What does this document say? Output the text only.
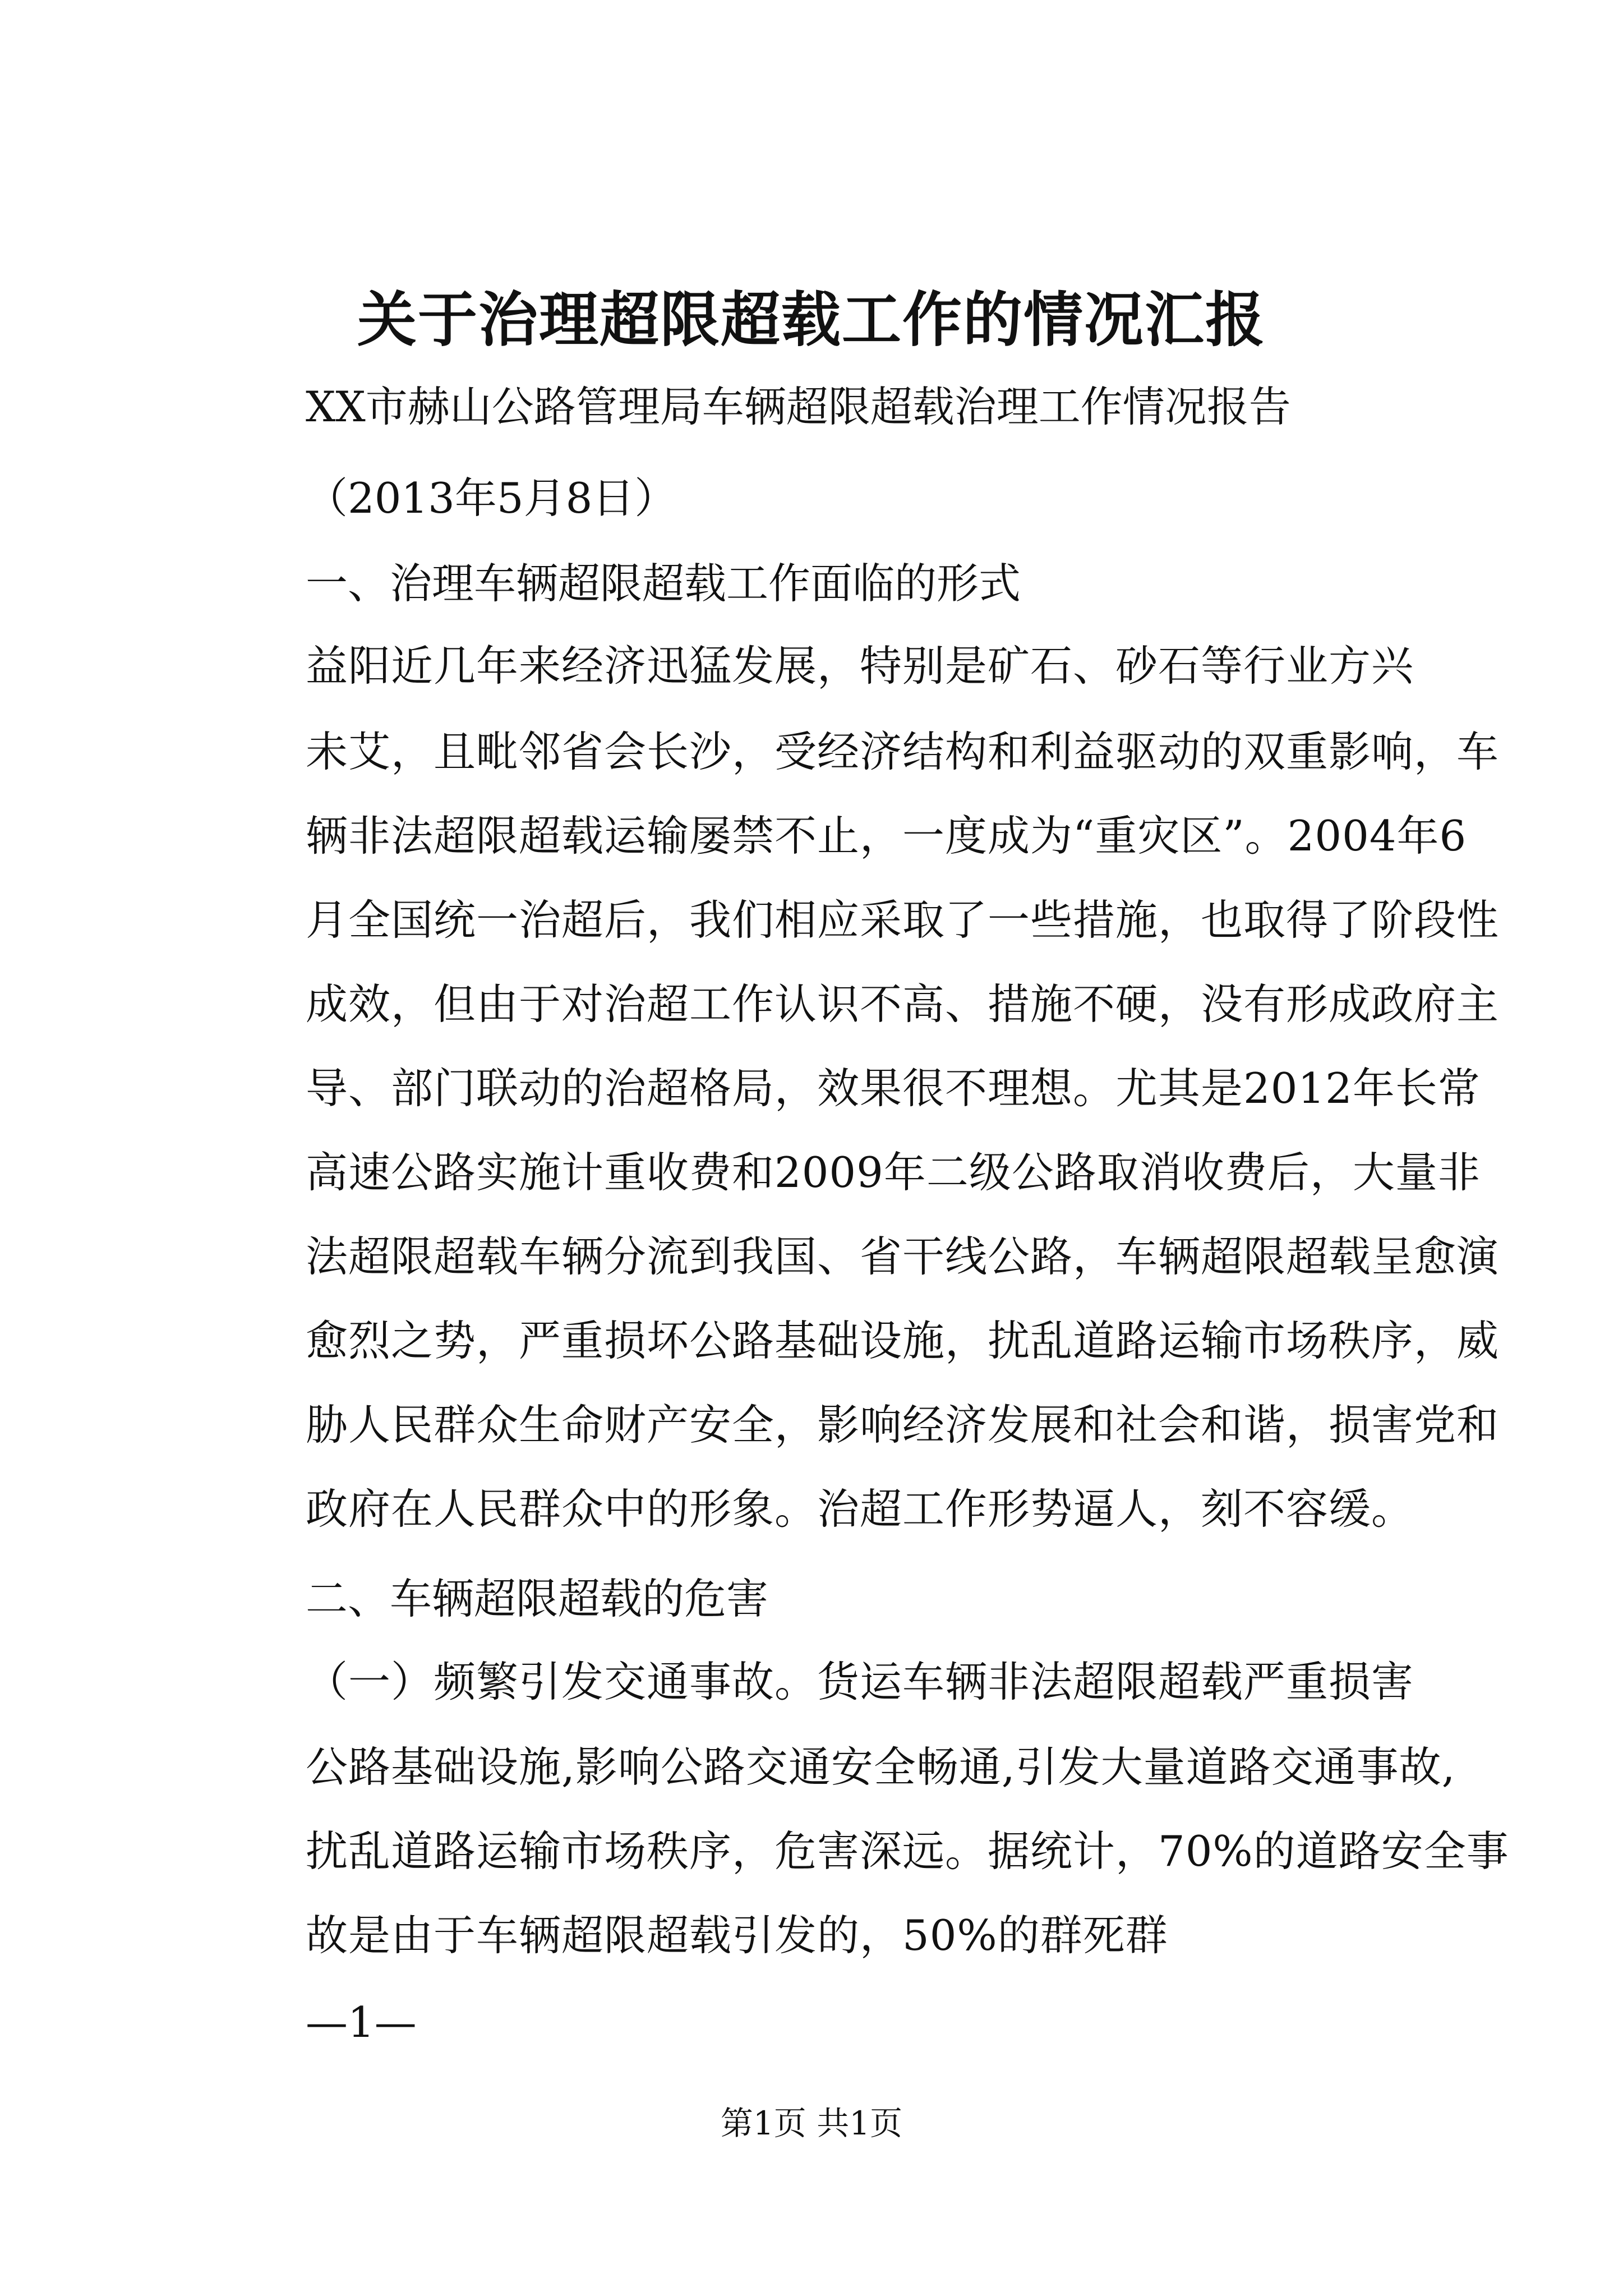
关于治理超限超载工作的情况汇报

XX市赫山公路管理局车辆超限超载治理工作情况报告

（2013年5月8日）

一、治理车辆超限超载工作面临的形式

益阳近几年来经济迅猛发展，特别是矿石、砂石等行业方兴
未艾，且毗邻省会长沙，受经济结构和利益驱动的双重影响，车
辆非法超限超载运输屡禁不止，一度成为“重灾区”。2004年6
月全国统一治超后，我们相应采取了一些措施，也取得了阶段性
成效，但由于对治超工作认识不高、措施不硬，没有形成政府主
导、部门联动的治超格局，效果很不理想。尤其是2012年长常
高速公路实施计重收费和2009年二级公路取消收费后，大量非
法超限超载车辆分流到我国、省干线公路，车辆超限超载呈愈演
愈烈之势，严重损坏公路基础设施，扰乱道路运输市场秩序，威
胁人民群众生命财产安全，影响经济发展和社会和谐，损害党和
政府在人民群众中的形象。治超工作形势逼人，刻不容缓。

二、车辆超限超载的危害

（一）频繁引发交通事故。货运车辆非法超限超载严重损害
公路基础设施,影响公路交通安全畅通,引发大量道路交通事故,
扰乱道路运输市场秩序，危害深远。据统计，70%的道路安全事
故是由于车辆超限超载引发的，50%的群死群
—1—
第1页 共1页
